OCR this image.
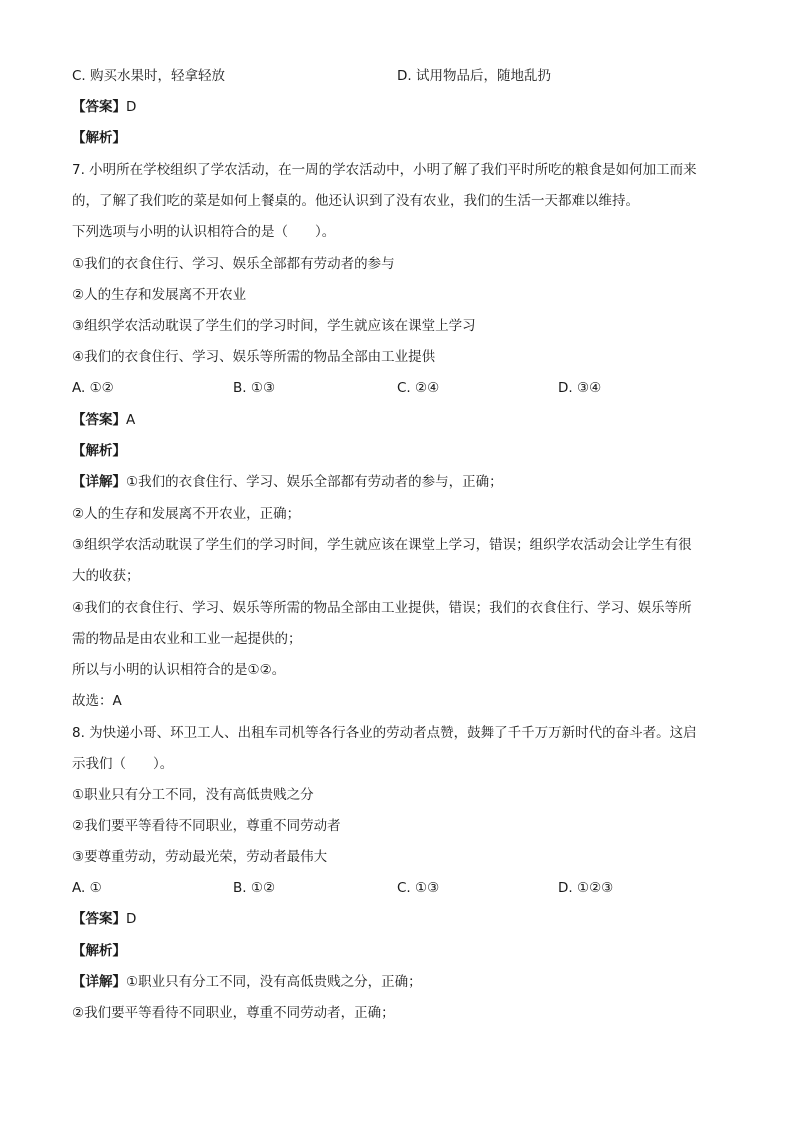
C. 购买水果时，轻拿轻放	D. 试用物品后，随地乱扔
【答案】D
【解析】
7. 小明所在学校组织了学农活动，在一周的学农活动中，小明了解了我们平时所吃的粮食是如何加工而来
的，了解了我们吃的菜是如何上餐桌的。他还认识到了没有农业，我们的生活一天都难以维持。
下列选项与小明的认识相符合的是（　　）。
①我们的衣食住行、学习、娱乐全部都有劳动者的参与
②人的生存和发展离不开农业
③组织学农活动耽误了学生们的学习时间，学生就应该在课堂上学习
④我们的衣食住行、学习、娱乐等所需的物品全部由工业提供
A. ①②	B. ①③	C. ②④	D. ③④
【答案】A
【解析】
【详解】①我们的衣食住行、学习、娱乐全部都有劳动者的参与，正确；
②人的生存和发展离不开农业，正确；
③组织学农活动耽误了学生们的学习时间，学生就应该在课堂上学习，错误；组织学农活动会让学生有很
大的收获；
④我们的衣食住行、学习、娱乐等所需的物品全部由工业提供，错误；我们的衣食住行、学习、娱乐等所
需的物品是由农业和工业一起提供的；
所以与小明的认识相符合的是①②。
故选：A
8. 为快递小哥、环卫工人、出租车司机等各行各业的劳动者点赞，鼓舞了千千万万新时代的奋斗者。这启
示我们（　　）。
①职业只有分工不同，没有高低贵贱之分
②我们要平等看待不同职业，尊重不同劳动者
③要尊重劳动，劳动最光荣，劳动者最伟大
A. ①	B. ①②	C. ①③	D. ①②③
【答案】D
【解析】
【详解】①职业只有分工不同，没有高低贵贱之分，正确；
②我们要平等看待不同职业，尊重不同劳动者，正确；
